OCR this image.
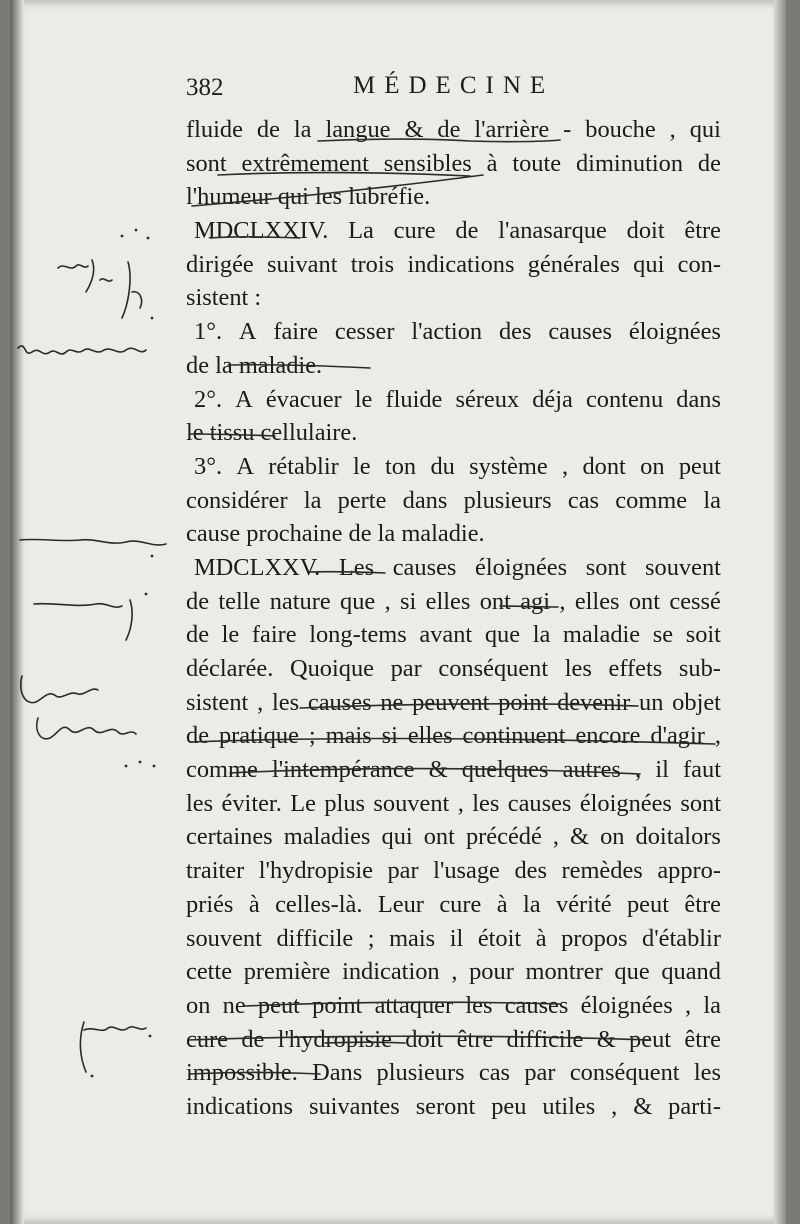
382	MÉDECINE
fluide de la langue & de l'arrière - bouche , qui
sont extrêmement sensibles à toute diminution de
l'humeur qui les lubréfie.
MDCLXXIV. La cure de l'anasarque doit être
dirigée suivant trois indications générales qui con-
sistent :
1°. A faire cesser l'action des causes éloignées
de la maladie.
2°. A évacuer le fluide séreux déja contenu dans
le tissu cellulaire.
3°. A rétablir le ton du système , dont on peut
considérer la perte dans plusieurs cas comme la
cause prochaine de la maladie.
MDCLXXV. Les causes éloignées sont souvent
de telle nature que , si elles ont agi , elles ont cessé
de le faire long-tems avant que la maladie se soit
déclarée. Quoique par conséquent les effets sub-
sistent , les causes ne peuvent point devenir un objet
de pratique ; mais si elles continuent encore d'agir ,
comme l'intempérance & quelques autres , il faut
les éviter. Le plus souvent , les causes éloignées sont
certaines maladies qui ont précédé , & on doitalors
traiter l'hydropisie par l'usage des remèdes appro-
priés à celles-là. Leur cure à la vérité peut être
souvent difficile ; mais il étoit à propos d'établir
cette première indication , pour montrer que quand
on ne peut point attaquer les causes éloignées , la
cure de l'hydropisie doit être difficile & peut être
impossible. Dans plusieurs cas par conséquent les
indications suivantes seront peu utiles , & parti-
